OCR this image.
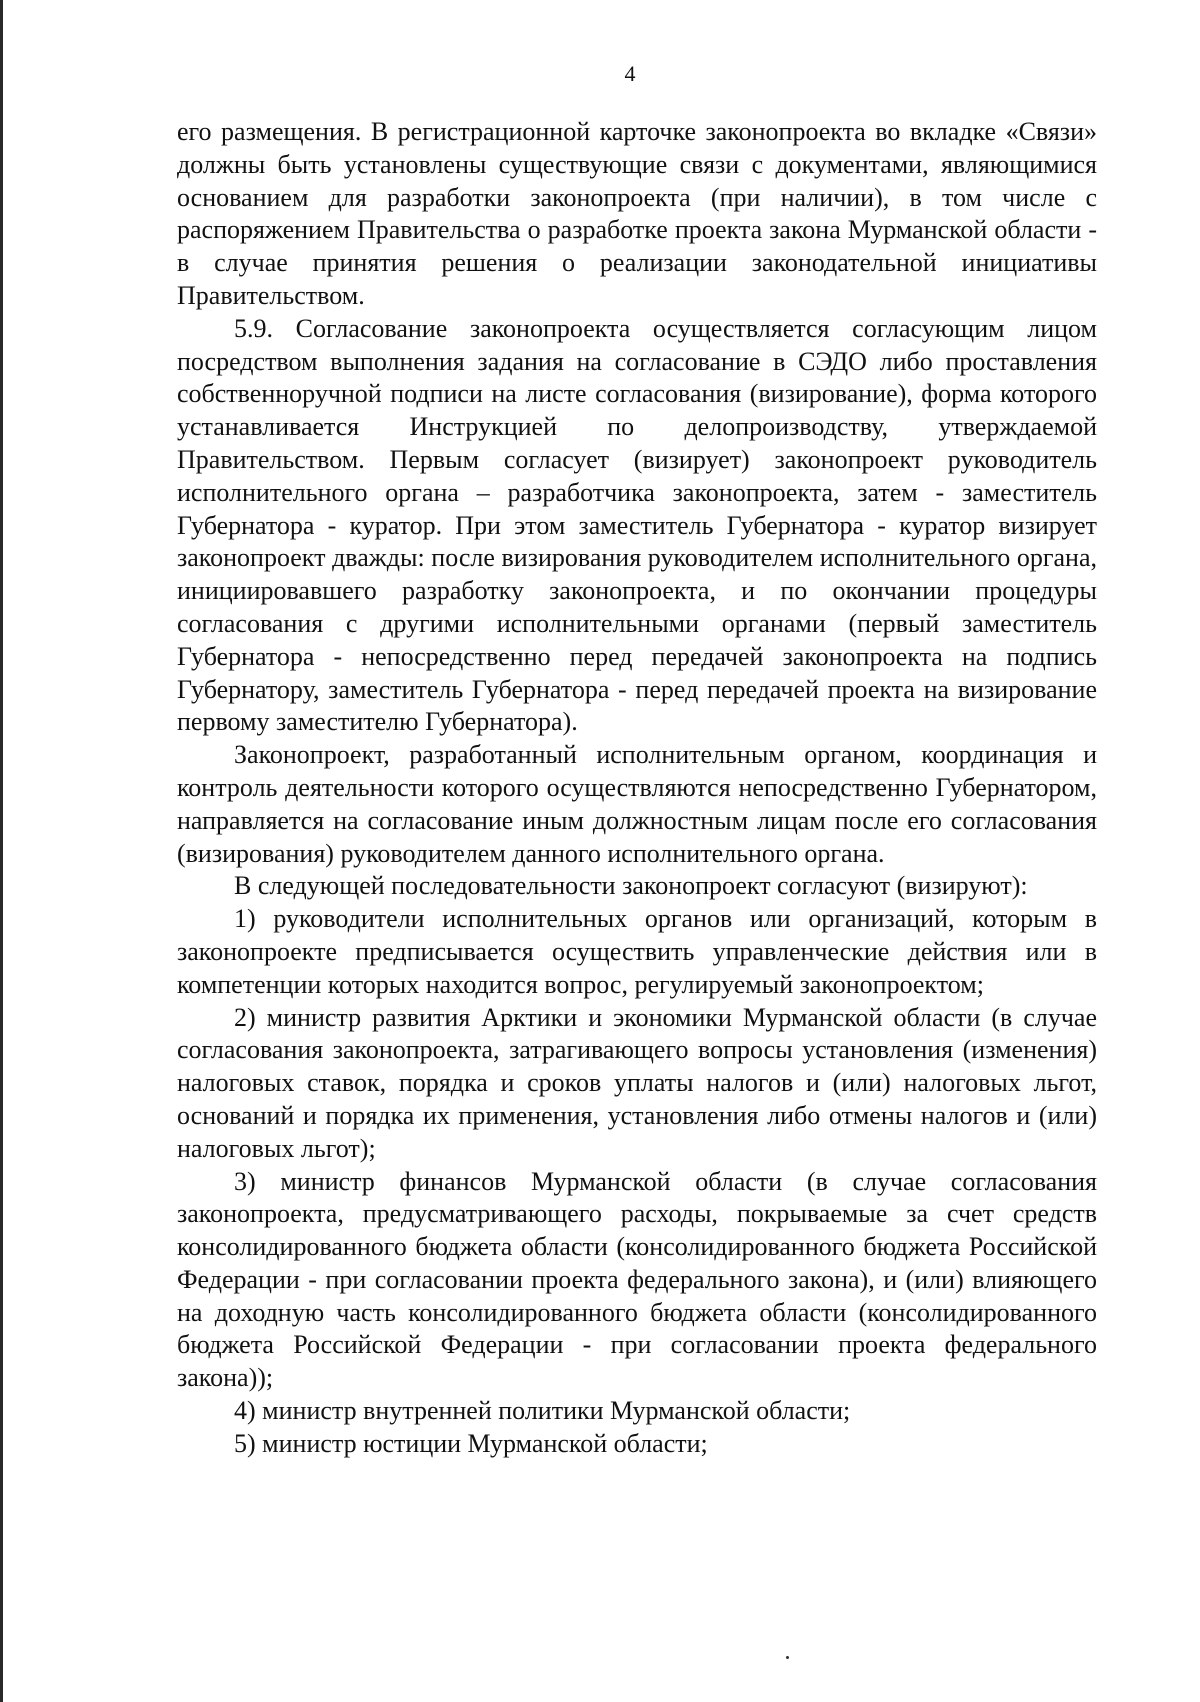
4

его размещения. В регистрационной карточке законопроекта во вкладке «Связи» должны быть установлены существующие связи с документами, являющимися основанием для разработки законопроекта (при наличии), в том числе с распоряжением Правительства о разработке проекта закона Мурманской области - в случае принятия решения о реализации законодательной инициативы Правительством.

5.9. Согласование законопроекта осуществляется согласующим лицом посредством выполнения задания на согласование в СЭДО либо проставления собственноручной подписи на листе согласования (визирование), форма которого устанавливается Инструкцией по делопроизводству, утверждаемой Правительством. Первым согласует (визирует) законопроект руководитель исполнительного органа – разработчика законопроекта, затем - заместитель Губернатора - куратор. При этом заместитель Губернатора - куратор визирует законопроект дважды: после визирования руководителем исполнительного органа, инициировавшего разработку законопроекта, и по окончании процедуры согласования с другими исполнительными органами (первый заместитель Губернатора - непосредственно перед передачей законопроекта на подпись Губернатору, заместитель Губернатора - перед передачей проекта на визирование первому заместителю Губернатора).

Законопроект, разработанный исполнительным органом, координация и контроль деятельности которого осуществляются непосредственно Губернатором, направляется на согласование иным должностным лицам после его согласования (визирования) руководителем данного исполнительного органа.

В следующей последовательности законопроект согласуют (визируют):

1) руководители исполнительных органов или организаций, которым в законопроекте предписывается осуществить управленческие действия или в компетенции которых находится вопрос, регулируемый законопроектом;

2) министр развития Арктики и экономики Мурманской области (в случае согласования законопроекта, затрагивающего вопросы установления (изменения) налоговых ставок, порядка и сроков уплаты налогов и (или) налоговых льгот, оснований и порядка их применения, установления либо отмены налогов и (или) налоговых льгот);

3) министр финансов Мурманской области (в случае согласования законопроекта, предусматривающего расходы, покрываемые за счет средств консолидированного бюджета области (консолидированного бюджета Российской Федерации - при согласовании проекта федерального закона), и (или) влияющего на доходную часть консолидированного бюджета области (консолидированного бюджета Российской Федерации - при согласовании проекта федерального закона));

4) министр внутренней политики Мурманской области;

5) министр юстиции Мурманской области;
